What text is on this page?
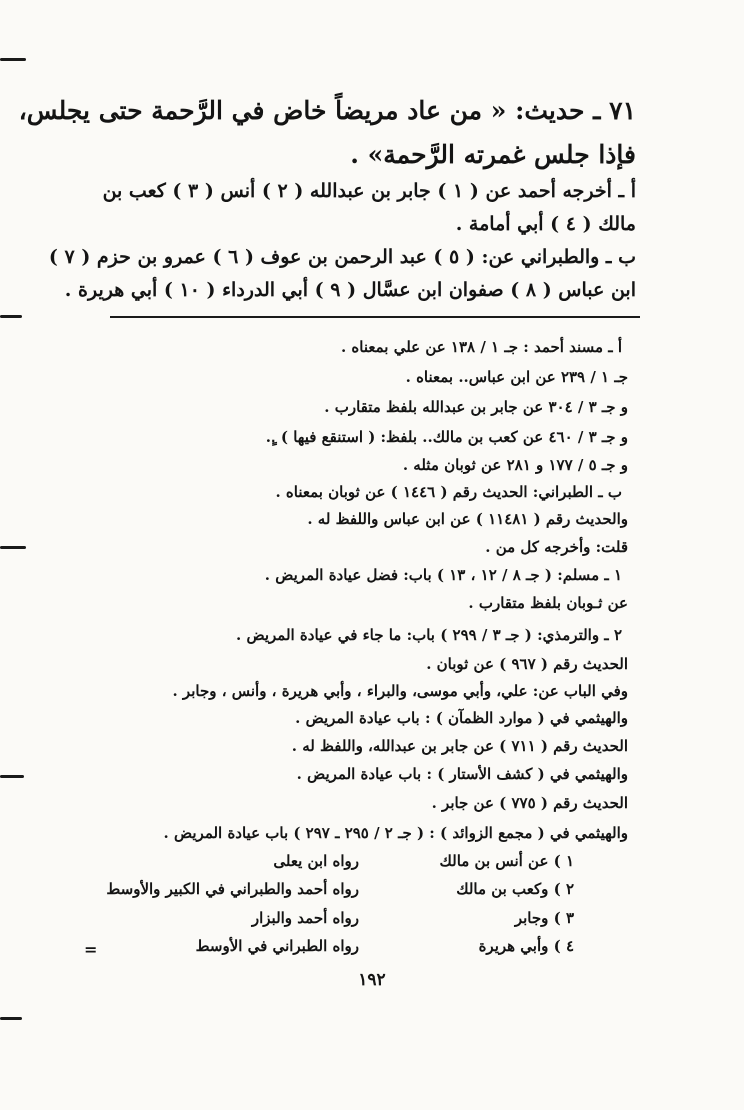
٧١ ـ حديث: « من عاد مريضاً خاض في الرَّحمة حتى يجلس،
فإذا جلس غمرته الرَّحمة» .
أ ـ أخرجه أحمد عن ( ١ ) جابر بن عبدالله ( ٢ ) أنس ( ٣ ) كعب بن
مالك ( ٤ ) أبي أمامة .
ب ـ والطبراني عن: ( ٥ ) عبد الرحمن بن عوف ( ٦ ) عمرو بن حزم ( ٧ )
ابن عباس ( ٨ ) صفوان ابن عسَّال ( ٩ ) أبي الدرداء ( ١٠ ) أبي هريرة .
أ ـ مسند أحمد : جـ ١ / ١٣٨ عن علي بمعناه .
جـ ١ / ٢٣٩ عن ابن عباس.. بمعناه .
و جـ ٣ / ٣٠٤ عن جابر بن عبدالله بلفظ متقارب .
و جـ ٣ / ٤٦٠ عن كعب بن مالك.. بلفظ: ( استنقع فيها ) .ٍ.
و جـ ٥ / ١٧٧ و ٢٨١ عن ثوبان مثله .
ب ـ الطبراني: الحديث رقم ( ١٤٤٦ ) عن ثوبان بمعناه .
والحديث رقم ( ١١٤٨١ ) عن ابن عباس واللفظ له .
قلت: وأخرجه كل من .
١ ـ مسلم: ( جـ ٨ / ١٢ ، ١٣ ) باب: فضل عيادة المريض .
عن ثـوبان بلفظ متقارب .
٢ ـ والترمذي: ( جـ ٣ / ٢٩٩ ) باب: ما جاء في عيادة المريض .
الحديث رقم ( ٩٦٧ ) عن ثوبان .
وفي الباب عن: علي، وأبي موسى، والبراء ، وأبي هريرة ، وأنس ، وجابر .
والهيثمي في ( موارد الظمآن ) : باب عيادة المريض .
الحديث رقم ( ٧١١ ) عن جابر بن عبدالله، واللفظ له .
والهيثمي في ( كشف الأستار ) : باب عيادة المريض .
الحديث رقم ( ٧٧٥ ) عن جابر .
والهيثمي في ( مجمع الزوائد ) : ( جـ ٢ / ٢٩٥ ـ ٢٩٧ ) باب عيادة المريض .
١ ) عن أنس بن مالك
رواه ابن يعلى
٢ ) وكعب بن مالك
رواه أحمد والطبراني في الكبير والأوسط
٣ ) وجابر
رواه أحمد والبزار
٤ ) وأبي هريرة
رواه الطبراني في الأوسط
=
١٩٢
